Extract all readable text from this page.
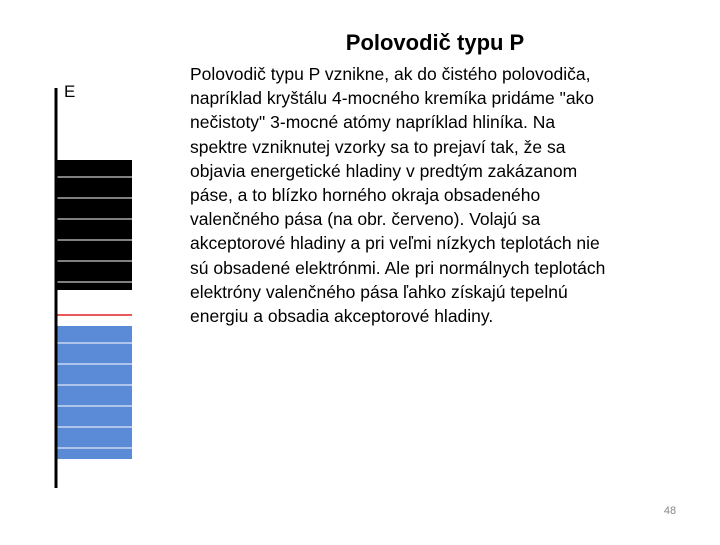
Polovodič typu P
Polovodič typu P vznikne, ak do čistého polovodiča,
napríklad kryštálu 4-mocného kremíka pridáme "ako
nečistoty" 3-mocné atómy napríklad hliníka. Na
spektre vzniknutej vzorky sa to prejaví tak, že sa
objavia energetické hladiny v predtým zakázanom
páse, a to blízko horného okraja obsadeného
valenčného pása (na obr. červeno). Volajú sa
akceptorové hladiny a pri veľmi nízkych teplotách nie
sú obsadené elektrónmi. Ale pri normálnych teplotách
elektróny valenčného pása ľahko získajú tepelnú
energiu a obsadia akceptorové hladiny.
E
48
